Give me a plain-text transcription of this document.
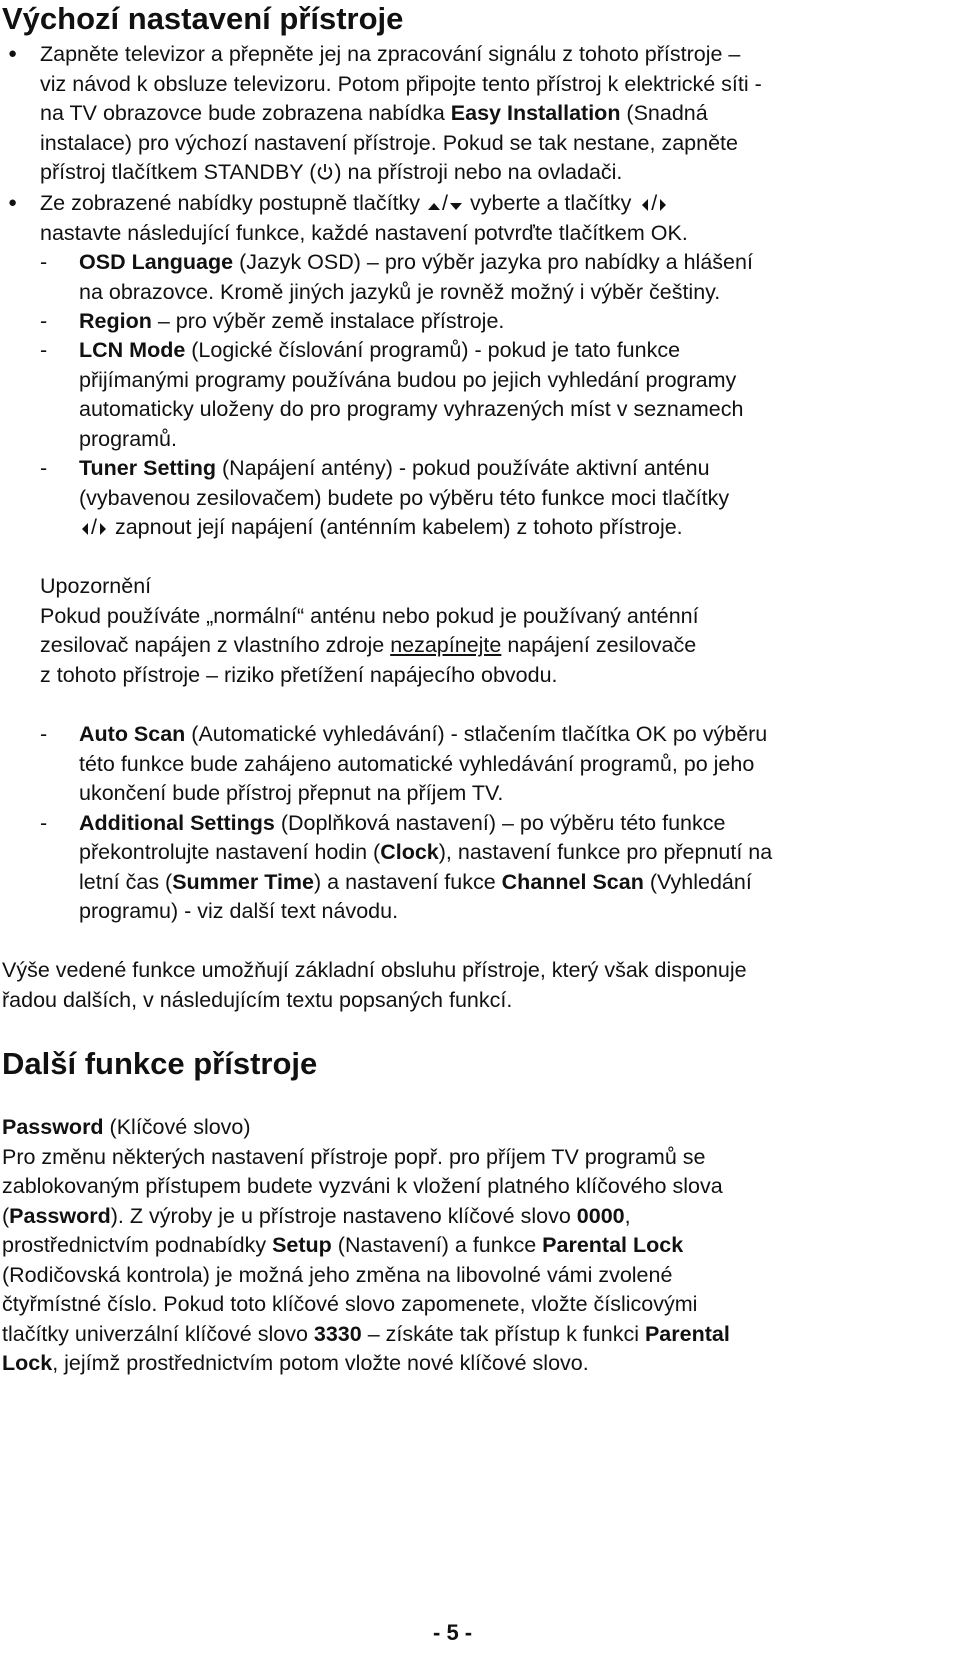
Výchozí nastavení přístroje
● Zapněte televizor a přepněte jej na zpracování signálu z tohoto přístroje –
viz návod k obsluze televizoru. Potom připojte tento přístroj k elektrické síti -
na TV obrazovce bude zobrazena nabídka Easy Installation (Snadná
instalace) pro výchozí nastavení přístroje. Pokud se tak nestane, zapněte
přístroj tlačítkem STANDBY ( ) na přístroji nebo na ovladači.
● Ze zobrazené nabídky postupně tlačítky / vyberte a tlačítky /
nastavte následující funkce, každé nastavení potvrďte tlačítkem OK.
- OSD Language (Jazyk OSD) – pro výběr jazyka pro nabídky a hlášení
na obrazovce. Kromě jiných jazyků je rovněž možný i výběr češtiny.
- Region – pro výběr země instalace přístroje.
- LCN Mode (Logické číslování programů) - pokud je tato funkce
přijímanými programy používána budou po jejich vyhledání programy
automaticky uloženy do pro programy vyhrazených míst v seznamech
programů.
- Tuner Setting (Napájení antény) - pokud používáte aktivní anténu
(vybavenou zesilovačem) budete po výběru této funkce moci tlačítky
/ zapnout její napájení (anténním kabelem) z tohoto přístroje.
Upozornění
Pokud používáte „normální“ anténu nebo pokud je používaný anténní
zesilovač napájen z vlastního zdroje nezapínejte napájení zesilovače
z tohoto přístroje – riziko přetížení napájecího obvodu.
- Auto Scan (Automatické vyhledávání) - stlačením tlačítka OK po výběru
této funkce bude zahájeno automatické vyhledávání programů, po jeho
ukončení bude přístroj přepnut na příjem TV.
- Additional Settings (Doplňková nastavení) – po výběru této funkce
překontrolujte nastavení hodin (Clock), nastavení funkce pro přepnutí na
letní čas (Summer Time) a nastavení fukce Channel Scan (Vyhledání
programu) - viz další text návodu.
Výše vedené funkce umožňují základní obsluhu přístroje, který však disponuje
řadou dalších, v následujícím textu popsaných funkcí.
Další funkce přístroje
Password (Klíčové slovo)
Pro změnu některých nastavení přístroje popř. pro příjem TV programů se
zablokovaným přístupem budete vyzváni k vložení platného klíčového slova
(Password). Z výroby je u přístroje nastaveno klíčové slovo 0000,
prostřednictvím podnabídky Setup (Nastavení) a funkce Parental Lock
(Rodičovská kontrola) je možná jeho změna na libovolné vámi zvolené
čtyřmístné číslo. Pokud toto klíčové slovo zapomenete, vložte číslicovými
tlačítky univerzální klíčové slovo 3330 – získáte tak přístup k funkci Parental
Lock, jejímž prostřednictvím potom vložte nové klíčové slovo.
- 5 -
